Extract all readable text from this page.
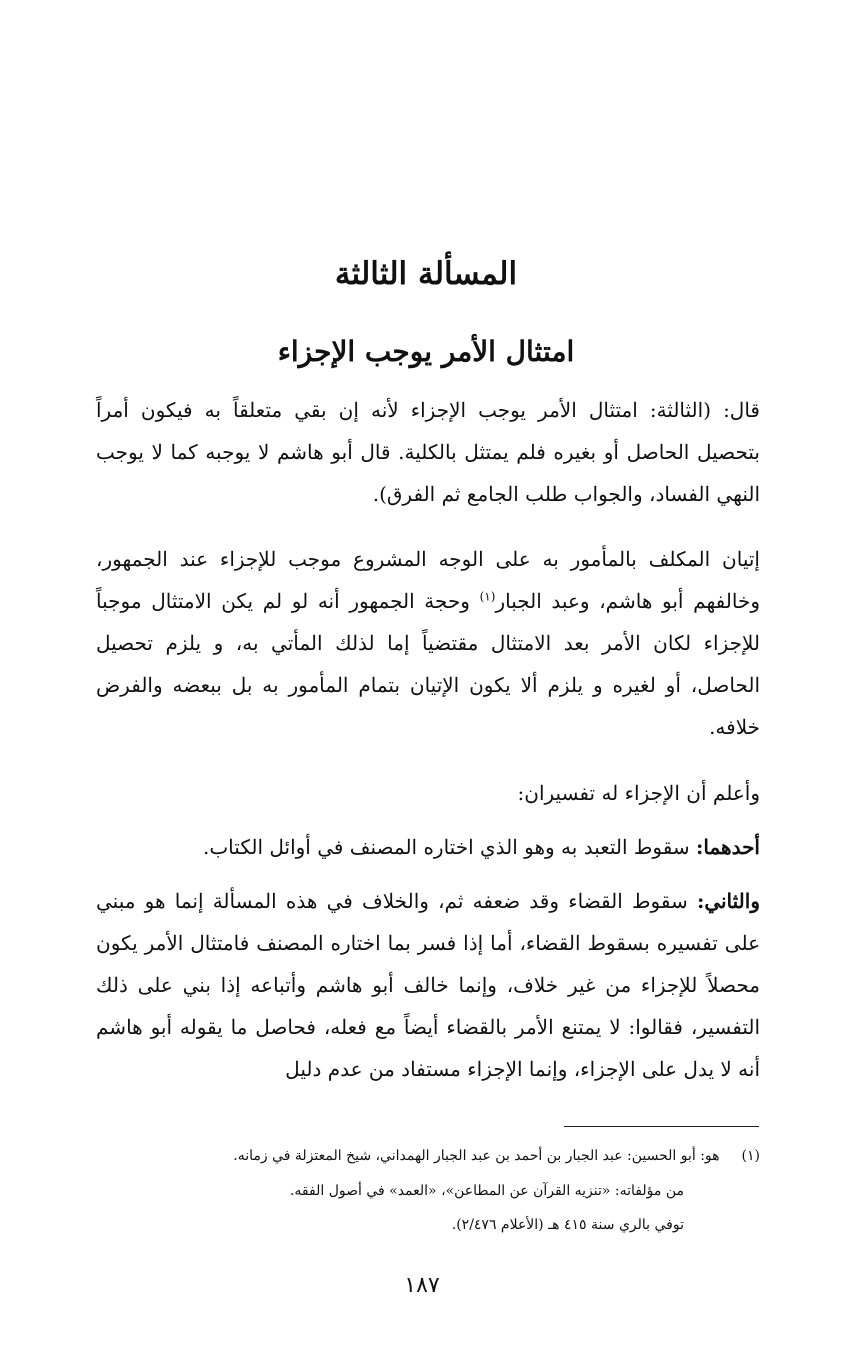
المسألة الثالثة
امتثال الأمر يوجب الإجزاء

قال: (الثالثة: امتثال الأمر يوجب الإجزاء لأنه إن بقي متعلقاً به فيكون أمراً بتحصيل الحاصل أو بغيره فلم يمتثل بالكلية. قال أبو هاشم لا يوجبه كما لا يوجب النهي الفساد، والجواب طلب الجامع ثم الفرق).

إتيان المكلف بالمأمور به على الوجه المشروع موجب للإجزاء عند الجمهور، وخالفهم أبو هاشم، وعبد الجبار$^{(١)}$ وحجة الجمهور أنه لو لم يكن الامتثال موجباً للإجزاء لكان الأمر بعد الامتثال مقتضياً إما لذلك المأتي به، و يلزم تحصيل الحاصل، أو لغيره و يلزم ألا يكون الإتيان بتمام المأمور به بل ببعضه والفرض خلافه.

وأعلم أن الإجزاء له تفسيران:

أحدهما: سقوط التعبد به وهو الذي اختاره المصنف في أوائل الكتاب.

والثاني: سقوط القضاء وقد ضعفه ثم، والخلاف في هذه المسألة إنما هو مبني على تفسيره بسقوط القضاء، أما إذا فسر بما اختاره المصنف فامتثال الأمر يكون محصلاً للإجزاء من غير خلاف، وإنما خالف أبو هاشم وأتباعه إذا بني على ذلك التفسير، فقالوا: لا يمتنع الأمر بالقضاء أيضاً مع فعله، فحاصل ما يقوله أبو هاشم أنه لا يدل على الإجزاء، وإنما الإجزاء مستفاد من عدم دليل

(١)هو: أبو الحسين: عبد الجبار بن أحمد بن عبد الجبار الهمداني، شيخ المعتزلة في زمانه.
من مؤلفاته: «تنزيه القرآن عن المطاعن»، «العمد» في أصول الفقه.
توفي بالري سنة ٤١٥ هـ (الأعلام ٢/٤٧٦).
١٨٧
